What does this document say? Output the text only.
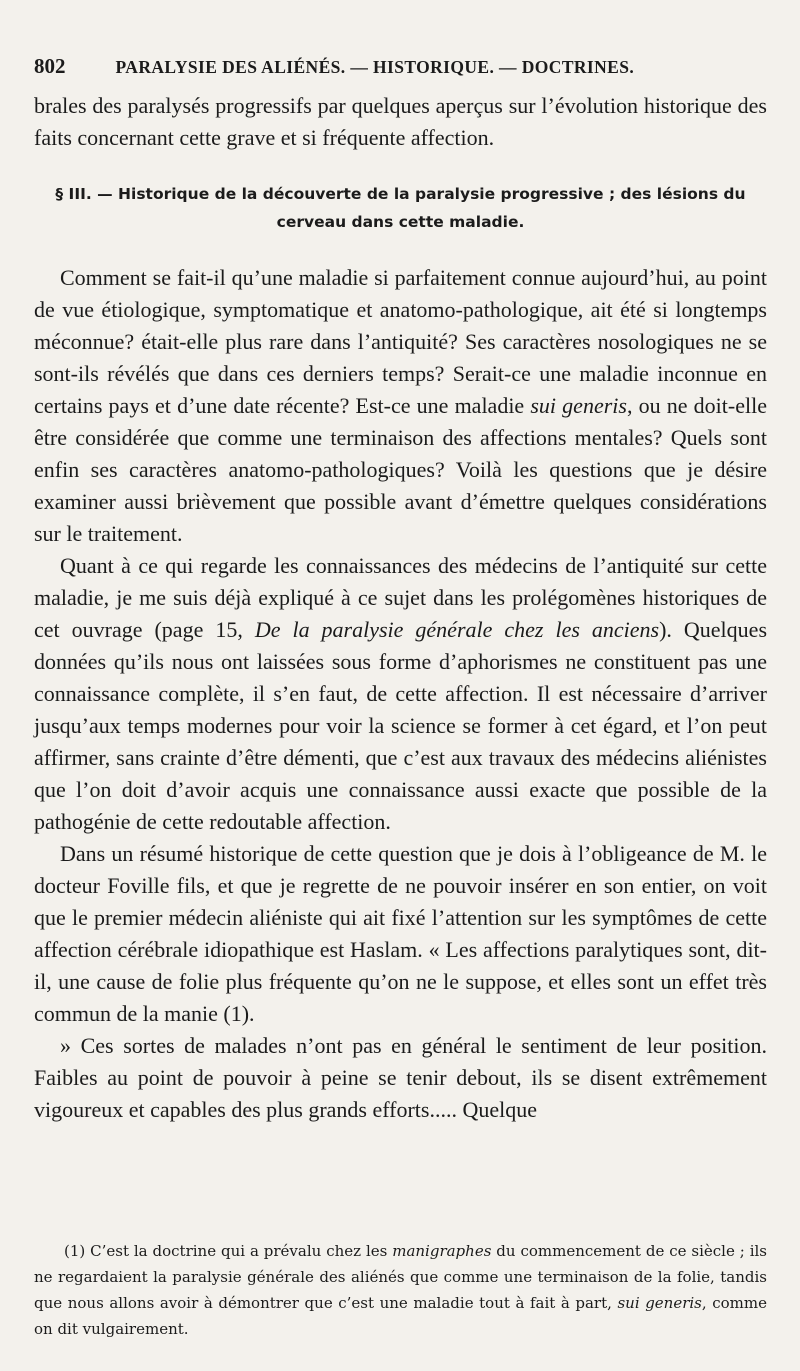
802	PARALYSIE DES ALIÉNÉS. — HISTORIQUE. — DOCTRINES.

brales des paralysés progressifs par quelques aperçus sur l’évolution historique des faits concernant cette grave et si fréquente affection.

§ III. — Historique de la découverte de la paralysie progressive ; des lésions du cerveau dans cette maladie.

Comment se fait-il qu’une maladie si parfaitement connue aujourd’hui, au point de vue étiologique, symptomatique et anatomo-pathologique, ait été si longtemps méconnue? était-elle plus rare dans l’antiquité? Ses caractères nosologiques ne se sont-ils révélés que dans ces derniers temps? Serait-ce une maladie inconnue en certains pays et d’une date récente? Est-ce une maladie sui generis, ou ne doit-elle être considérée que comme une terminaison des affections mentales? Quels sont enfin ses caractères anatomo-pathologiques? Voilà les questions que je désire examiner aussi brièvement que possible avant d’émettre quelques considérations sur le traitement.

Quant à ce qui regarde les connaissances des médecins de l’antiquité sur cette maladie, je me suis déjà expliqué à ce sujet dans les prolégomènes historiques de cet ouvrage (page 15, De la paralysie générale chez les anciens). Quelques données qu’ils nous ont laissées sous forme d’aphorismes ne constituent pas une connaissance complète, il s’en faut, de cette affection. Il est nécessaire d’arriver jusqu’aux temps modernes pour voir la science se former à cet égard, et l’on peut affirmer, sans crainte d’être démenti, que c’est aux travaux des médecins aliénistes que l’on doit d’avoir acquis une connaissance aussi exacte que possible de la pathogénie de cette redoutable affection.

Dans un résumé historique de cette question que je dois à l’obligeance de M. le docteur Foville fils, et que je regrette de ne pouvoir insérer en son entier, on voit que le premier médecin aliéniste qui ait fixé l’attention sur les symptômes de cette affection cérébrale idiopathique est Haslam. « Les affections paralytiques sont, dit-il, une cause de folie plus fréquente qu’on ne le suppose, et elles sont un effet très commun de la manie (1).

» Ces sortes de malades n’ont pas en général le sentiment de leur position. Faibles au point de pouvoir à peine se tenir debout, ils se disent extrêmement vigoureux et capables des plus grands efforts..... Quelque

(1) C’est la doctrine qui a prévalu chez les manigraphes du commencement de ce siècle ; ils ne regardaient la paralysie générale des aliénés que comme une terminaison de la folie, tandis que nous allons avoir à démontrer que c’est une maladie tout à fait à part, sui generis, comme on dit vulgairement.
